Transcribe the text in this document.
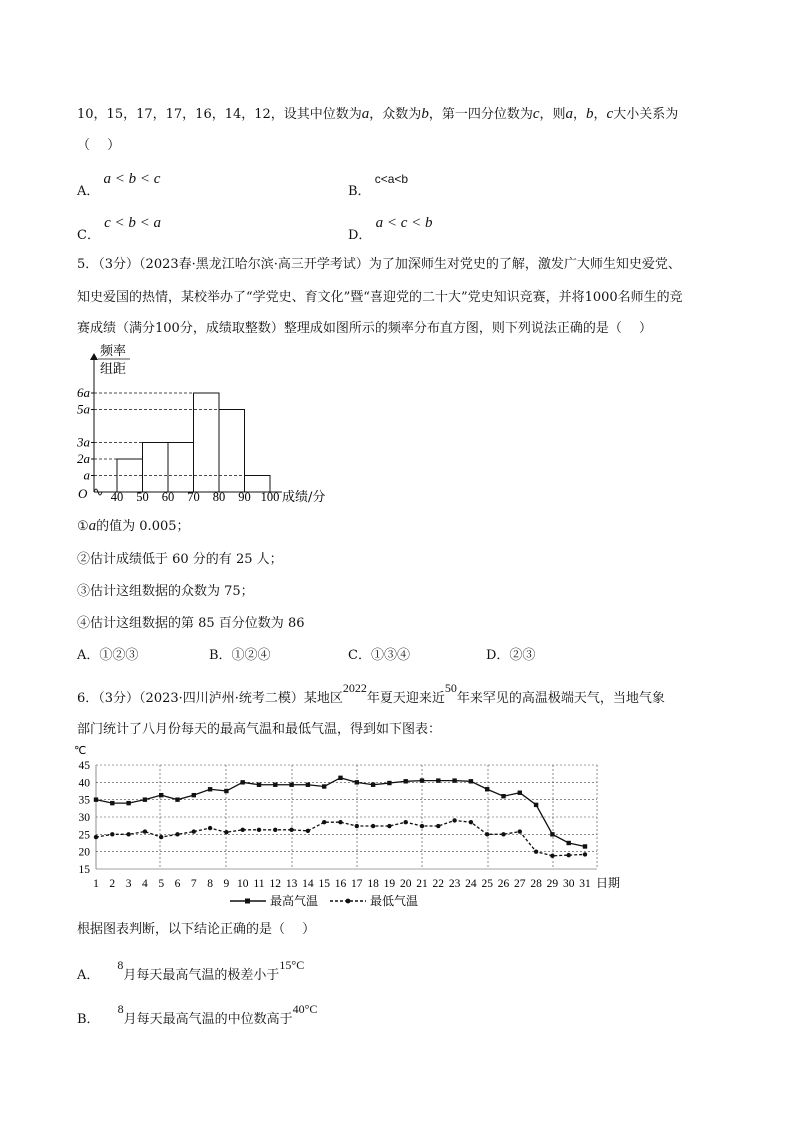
10，15，17，17，16，14，12，设其中位数为a，众数为b，第一四分位数为c，则a，b，c大小关系为
（　 ）
A． a < b < c
B． c<a<b
C． c < b < a
D． a < c < b
5．（3分）（2023春·黑龙江哈尔滨·高三开学考试）为了加深师生对党史的了解，激发广大师生知史爱党、
知史爱国的热情，某校举办了“学党史、育文化”暨“喜迎党的二十大”党史知识竞赛，并将1000名师生的竞
赛成绩（满分100分，成绩取整数）整理成如图所示的频率分布直方图，则下列说法正确的是（　 ）
频率
组距
O
a
2a
3a
5a
6a
40 50 60 70 80 90 100 成绩/分
①a的值为 0.005；
②估计成绩低于 60 分的有 25 人；
③估计这组数据的众数为 75；
④估计这组数据的第 85 百分位数为 86
A．①②③	B．①②④	C．①③④	D．②③
6．（3分）（2023·四川泸州·统考二模）某地区2022年夏天迎来近50年来罕见的高温极端天气，当地气象
部门统计了八月份每天的最高气温和最低气温，得到如下图表：
℃
15
20
25
30
35
40
45
1 2 3 4 5 6 7 8 9 10 11 12 13 14 15 16 17 18 19 20 21 22 23 24 25 26 27 28 29 30 31 日期
最高气温	最低气温
根据图表判断，以下结论正确的是（　 ）
A．8月每天最高气温的极差小于15°C
B．8月每天最高气温的中位数高于40°C
